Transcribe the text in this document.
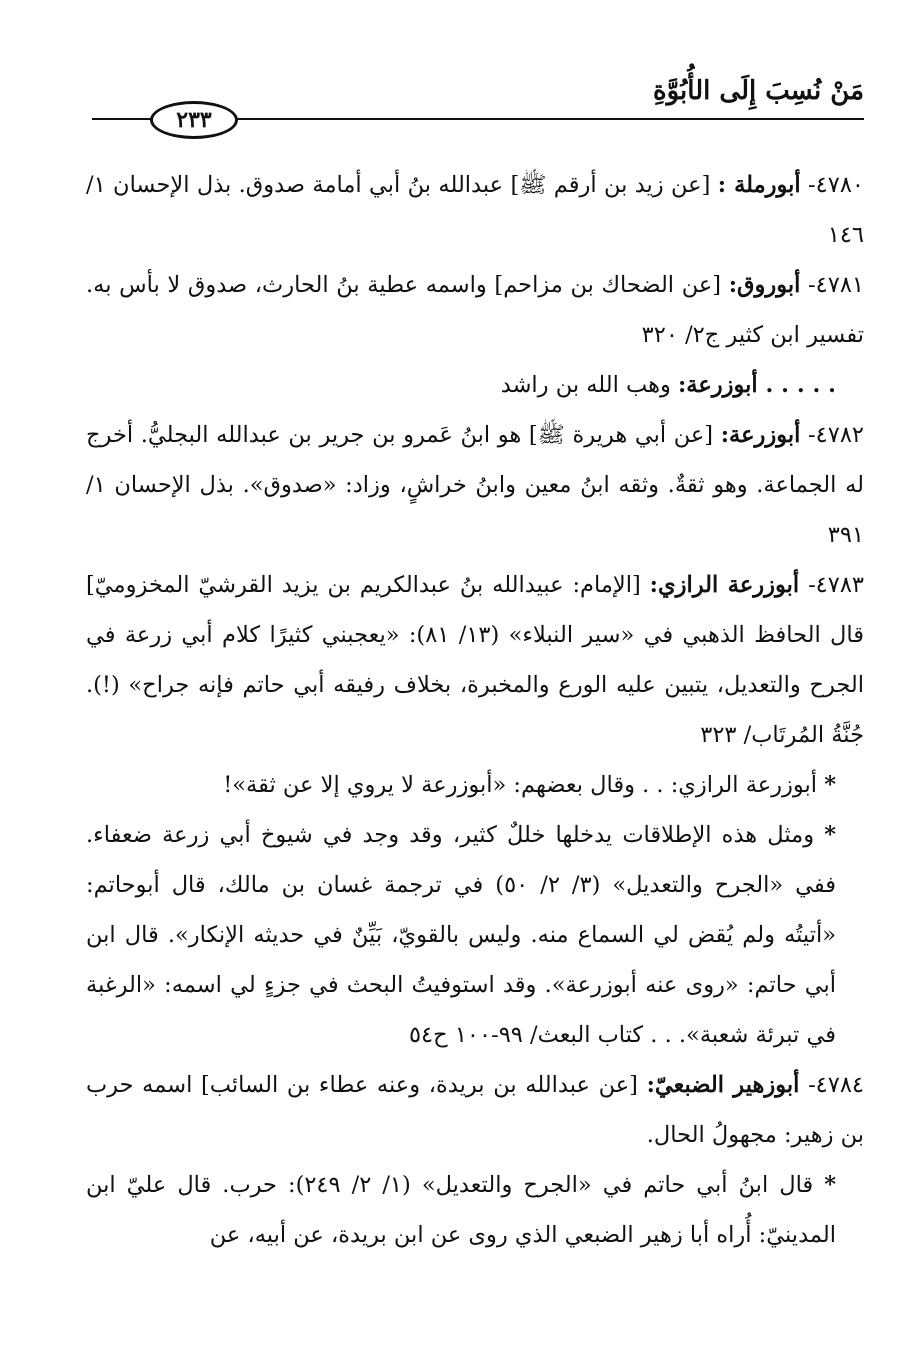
مَنْ نُسِبَ إِلَى الأُبُوَّةِ
٢٣٣

٤٧٨٠- أبورملة : [عن زيد بن أرقم ﷺ] عبدالله بنُ أبي أمامة صدوق. بذل الإحسان ١/ ١٤٦

٤٧٨١- أبوروق: [عن الضحاك بن مزاحم] واسمه عطية بنُ الحارث، صدوق لا بأس به. تفسير ابن كثير ج٢/ ٣٢٠

. . . . . أبوزرعة: وهب الله بن راشد

٤٧٨٢- أبوزرعة: [عن أبي هريرة ﷺ] هو ابنُ عَمرو بن جرير بن عبدالله البجليُّ. أخرج له الجماعة. وهو ثقةٌ. وثقه ابنُ معين وابنُ خراشٍ، وزاد: «صدوق». بذل الإحسان ١/ ٣٩١

٤٧٨٣- أبوزرعة الرازي: [الإمام: عبيدالله بنُ عبدالكريم بن يزيد القرشيّ المخزوميّ] قال الحافظ الذهبي في «سير النبلاء» (١٣/ ٨١): «يعجبني كثيرًا كلام أبي زرعة في الجرح والتعديل، يتبين عليه الورع والمخبرة، بخلاف رفيقه أبي حاتم فإنه جراح» (!). جُنَّةُ المُرتَاب/ ٣٢٣

* أبوزرعة الرازي: . . وقال بعضهم: «أبوزرعة لا يروي إلا عن ثقة»!

* ومثل هذه الإطلاقات يدخلها خللٌ كثير، وقد وجد في شيوخ أبي زرعة ضعفاء. ففي «الجرح والتعديل» (٣/ ٢/ ٥٠) في ترجمة غسان بن مالك، قال أبوحاتم: «أتيتُه ولم يُقض لي السماع منه. وليس بالقويّ، بَيِّنٌ في حديثه الإنكار». قال ابن أبي حاتم: «روى عنه أبوزرعة». وقد استوفيتُ البحث في جزءٍ لي اسمه: «الرغبة في تبرئة شعبة». . . كتاب البعث/ ٩٩-١٠٠ ح٥٤

٤٧٨٤- أبوزهير الضبعيّ: [عن عبدالله بن بريدة، وعنه عطاء بن السائب] اسمه حرب بن زهير: مجهولُ الحال.

* قال ابنُ أبي حاتم في «الجرح والتعديل» (١/ ٢/ ٢٤٩): حرب. قال عليّ ابن المدينيّ: أُراه أبا زهير الضبعي الذي روى عن ابن بريدة، عن أبيه، عن
